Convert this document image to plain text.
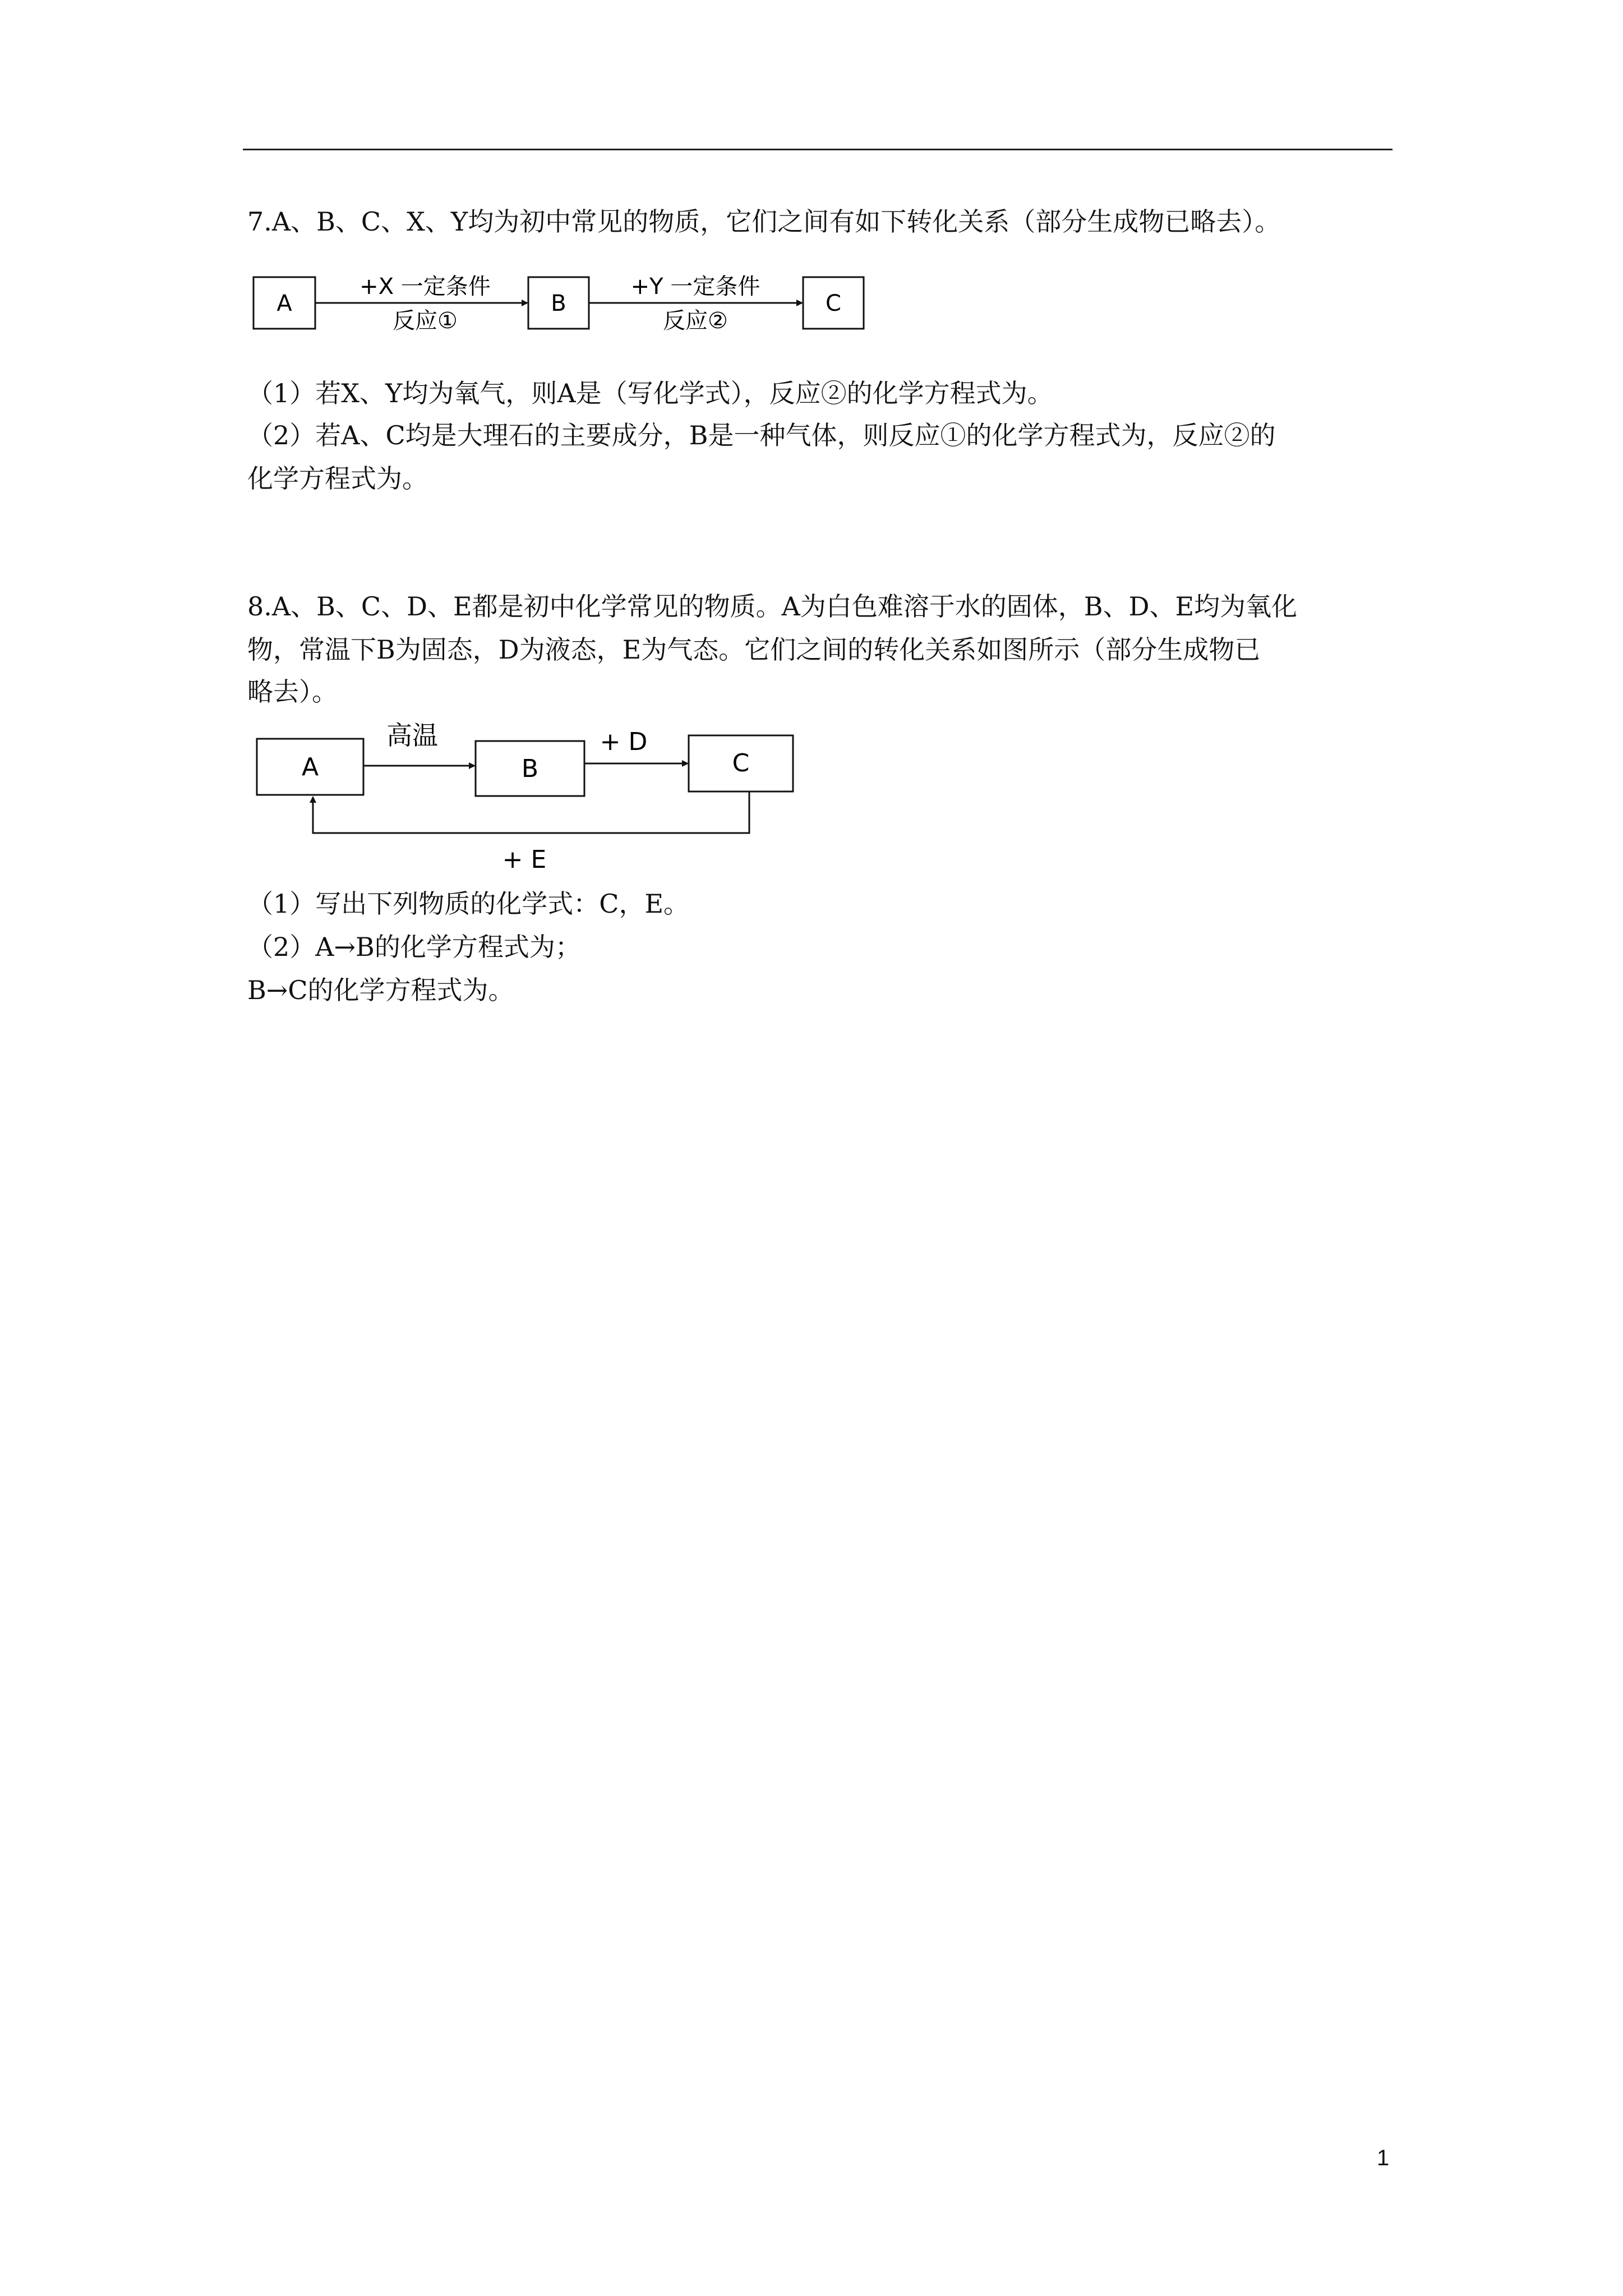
7.A、B、C、X、Y均为初中常见的物质，它们之间有如下转化关系（部分生成物已略去）。
A
+X 一定条件
反应①
B
+Y 一定条件
反应②
C
（1）若X、Y均为氧气，则A是（写化学式），反应②的化学方程式为。
（2）若A、C均是大理石的主要成分，B是一种气体，则反应①的化学方程式为，反应②的
化学方程式为。
8.A、B、C、D、E都是初中化学常见的物质。A为白色难溶于水的固体，B、D、E均为氧化
物，常温下B为固态，D为液态，E为气态。它们之间的转化关系如图所示（部分生成物已
略去）。
A
高温
B
+ D
C
+ E
（1）写出下列物质的化学式：C，E。
（2）A→B的化学方程式为；
B→C的化学方程式为。
1
